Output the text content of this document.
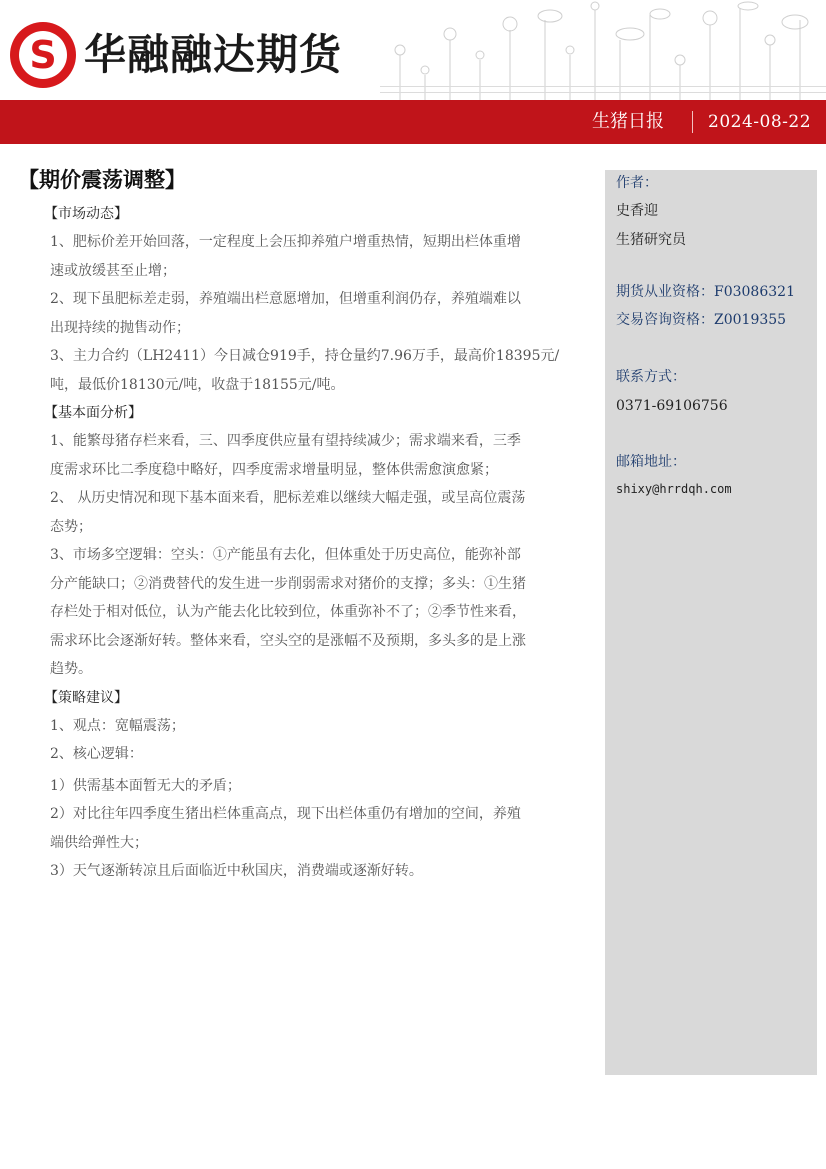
S 华融融达期货
生猪日报	2024-08-22
【期价震荡调整】
【市场动态】

1、肥标价差开始回落，一定程度上会压抑养殖户增重热情，短期出栏体重增
速或放缓甚至止增；

2、现下虽肥标差走弱，养殖端出栏意愿增加，但增重利润仍存，养殖端难以
出现持续的抛售动作；

3、主力合约（LH2411）今日减仓919手，持仓量约7.96万手，最高价18395元/
吨，最低价18130元/吨，收盘于18155元/吨。

【基本面分析】

1、能繁母猪存栏来看，三、四季度供应量有望持续减少；需求端来看，三季
度需求环比二季度稳中略好，四季度需求增量明显，整体供需愈演愈紧；

2、 从历史情况和现下基本面来看，肥标差难以继续大幅走强，或呈高位震荡
态势；

3、市场多空逻辑：空头：①产能虽有去化，但体重处于历史高位，能弥补部
分产能缺口；②消费替代的发生进一步削弱需求对猪价的支撑；多头：①生猪
存栏处于相对低位，认为产能去化比较到位，体重弥补不了；②季节性来看，
需求环比会逐渐好转。整体来看，空头空的是涨幅不及预期，多头多的是上涨
趋势。

【策略建议】

1、观点：宽幅震荡；

2、核心逻辑：

1）供需基本面暂无大的矛盾；

2）对比往年四季度生猪出栏体重高点，现下出栏体重仍有增加的空间，养殖
端供给弹性大；

3）天气逐渐转凉且后面临近中秋国庆，消费端或逐渐好转。

作者：
史香迎
生猪研究员
期货从业资格：F03086321
交易咨询资格：Z0019355
联系方式：
0371-69106756
邮箱地址：
shixy@hrrdqh.com
